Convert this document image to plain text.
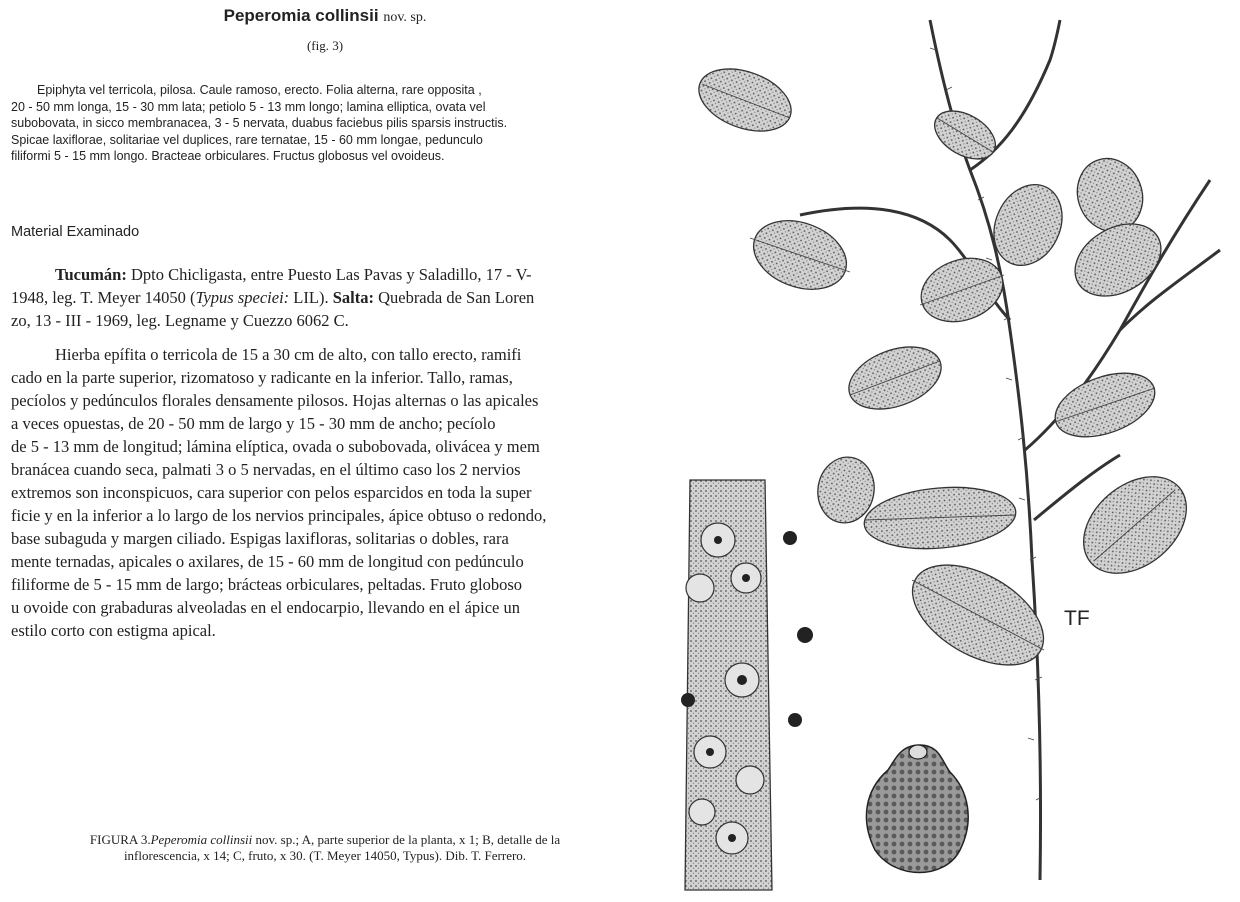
Peperomia collinsii nov. sp.
(fig. 3)

Epiphyta vel terricola, pilosa. Caule ramoso, erecto. Folia alterna, rare opposita ,
20 - 50 mm longa, 15 - 30 mm lata; petiolo 5 - 13 mm longo; lamina elliptica, ovata vel
subobovata, in sicco membranacea, 3 - 5 nervata, duabus faciebus pilis sparsis instructis.
Spicae laxiflorae, solitariae vel duplices, rare ternatae, 15 - 60 mm longae, pedunculo
filiformi 5 - 15 mm longo. Bracteae orbiculares. Fructus globosus vel ovoideus.

Material Examinado

Tucumán: Dpto Chicligasta, entre Puesto Las Pavas y Saladillo, 17 - V-
1948, leg. T. Meyer 14050 (Typus speciei: LIL). Salta: Quebrada de San Loren
zo, 13 - III - 1969, leg. Legname y Cuezzo 6062 C.

Hierba epífita o terricola de 15 a 30 cm de alto, con tallo erecto, ramifi
cado en la parte superior, rizomatoso y radicante en la inferior. Tallo, ramas,
pecíolos y pedúnculos florales densamente pilosos. Hojas alternas o las apicales
a veces opuestas, de 20 - 50 mm de largo y 15 - 30 mm de ancho; pecíolo
de 5 - 13 mm de longitud; lámina elíptica, ovada o subobovada, olivácea y mem
branácea cuando seca, palmati 3 o 5 nervadas, en el último caso los 2 nervios
extremos son inconspicuos, cara superior con pelos esparcidos en toda la super
ficie y en la inferior a lo largo de los nervios principales, ápice obtuso o redondo,
base subaguda y margen ciliado. Espigas laxifloras, solitarias o dobles, rara
mente ternadas, apicales o axilares, de 15 - 60 mm de longitud con pedúnculo
filiforme de 5 - 15 mm de largo; brácteas orbiculares, peltadas. Fruto globoso
u ovoide con grabaduras alveoladas en el endocarpio, llevando en el ápice un
estilo corto con estigma apical.

FIGURA 3.Peperomia collinsii nov. sp.; A, parte superior de la planta, x 1; B, detalle de la
inflorescencia, x 14; C, fruto, x 30. (T. Meyer 14050, Typus). Dib. T. Ferrero.

TF
